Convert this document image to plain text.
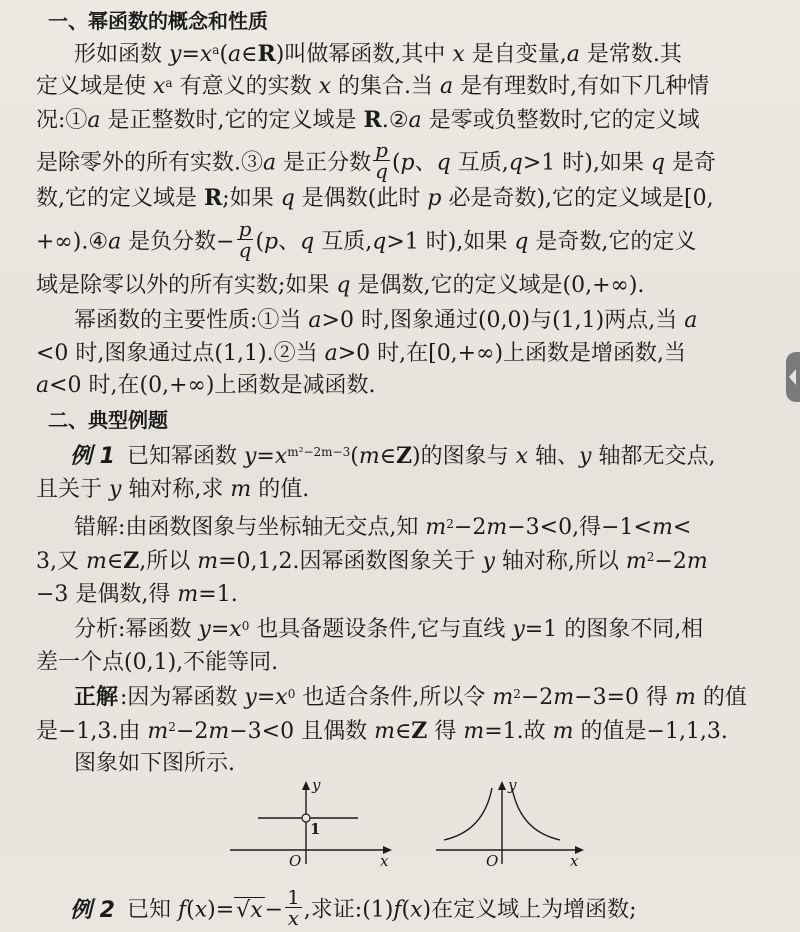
一、幂函数的概念和性质
形如函数 $y=x^a(a\in R)$叫做幂函数,其中 x 是自变量,a 是常数.其
定义域是使 $x^a$ 有意义的实数 x 的集合.当 a 是有理数时,有如下几种情
况:①a 是正整数时,它的定义域是 R.②a 是零或负整数时,它的定义域
是除零外的所有实数.③a 是正分数 $\frac{p}{q} (p$、q 互质,q>1 时),如果 q 是奇
数,它的定义域是 R;如果 q 是偶数(此时 p 必是奇数),它的定义域是[0,
+∞).④a 是负分数− $\frac{p}{q} (p$、q 互质,q>1 时),如果 q 是奇数,它的定义
域是除零以外的所有实数;如果 q 是偶数,它的定义域是(0,+∞).
幂函数的主要性质:①当 a>0 时,图象通过(0,0)与(1,1)两点,当 a
<0 时,图象通过点(1,1).②当 a>0 时,在[0,+∞)上函数是增函数,当
a<0 时,在(0,+∞)上函数是减函数.
二、典型例题
例 1 已知幂函数 $y=x^{m^2-2m-3}(m\in Z)$的图象与 x 轴、y 轴都无交点,
且关于 y 轴对称,求 m 的值.
错解:由函数图象与坐标轴无交点,知 $m^2-2m-3<0$,得−1<m<
3,又 m∈Z,所以 m=0,1,2.因幂函数图象关于 y 轴对称,所以 $m^2-2m$
−3 是偶数,得 m=1.
分析:幂函数 $y=x^0$ 也具备题设条件,它与直线 y=1 的图象不同,相
差一个点(0,1),不能等同.
正解:因为幂函数 $y=x^0$ 也适合条件,所以令 $m^2-2m-3=0$ 得 m 的值
是−1,3.由 $m^2-2m-3<0$ 且偶数 m∈Z 得 m=1.故 m 的值是−1,1,3.
图象如下图所示.
y
x
O
1
y
x
O
例 2 已知 $f(x)=√x- \frac{1}{x}$ ,求证:(1)f(x)在定义域上为增函数;
